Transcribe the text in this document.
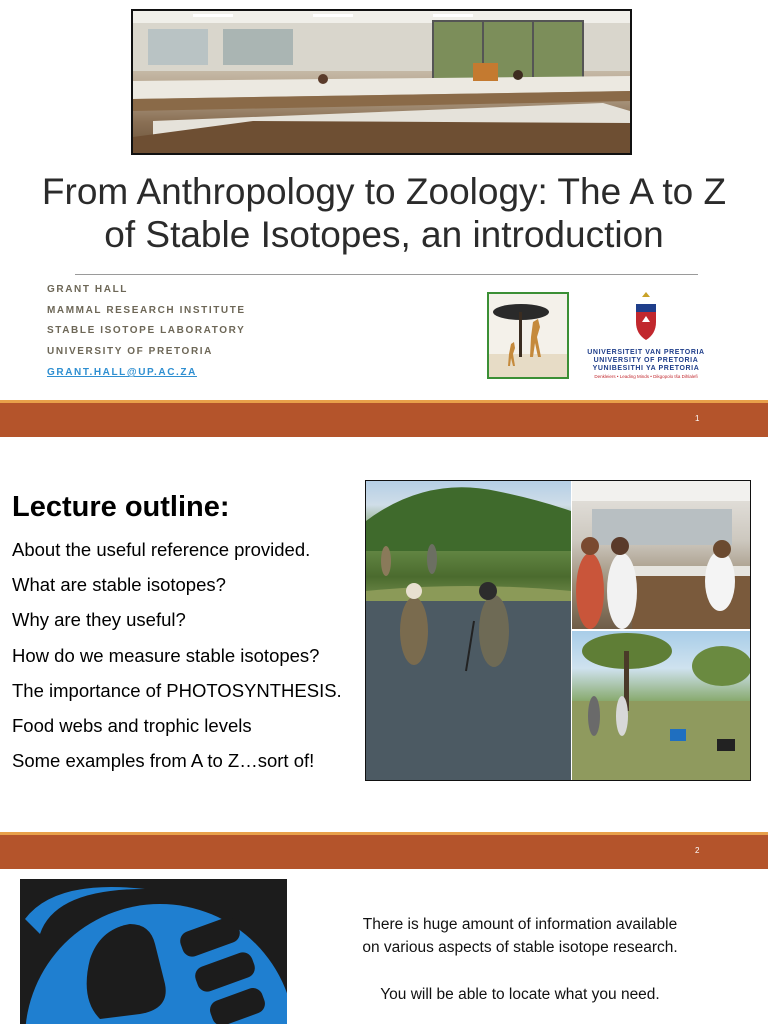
From Anthropology to Zoology: The A to Z
of Stable Isotopes, an introduction
GRANT HALL
MAMMAL RESEARCH INSTITUTE
STABLE ISOTOPE LABORATORY
UNIVERSITY OF PRETORIA
GRANT.HALL@UP.AC.ZA
UNIVERSITEIT VAN PRETORIA
UNIVERSITY OF PRETORIA
YUNIBESITHI YA PRETORIA
Denkleiers • Leading Minds • Dikgopolo tša Dihlalefi
1
Lecture outline:
About the useful reference provided.
What are stable isotopes?
Why are they useful?
How do we measure stable isotopes?
The importance of PHOTOSYNTHESIS.
Food webs and trophic levels
Some examples from A to Z…sort of!
2
There is huge amount of information available
on various aspects of stable isotope research.
You will be able to locate what you need.
